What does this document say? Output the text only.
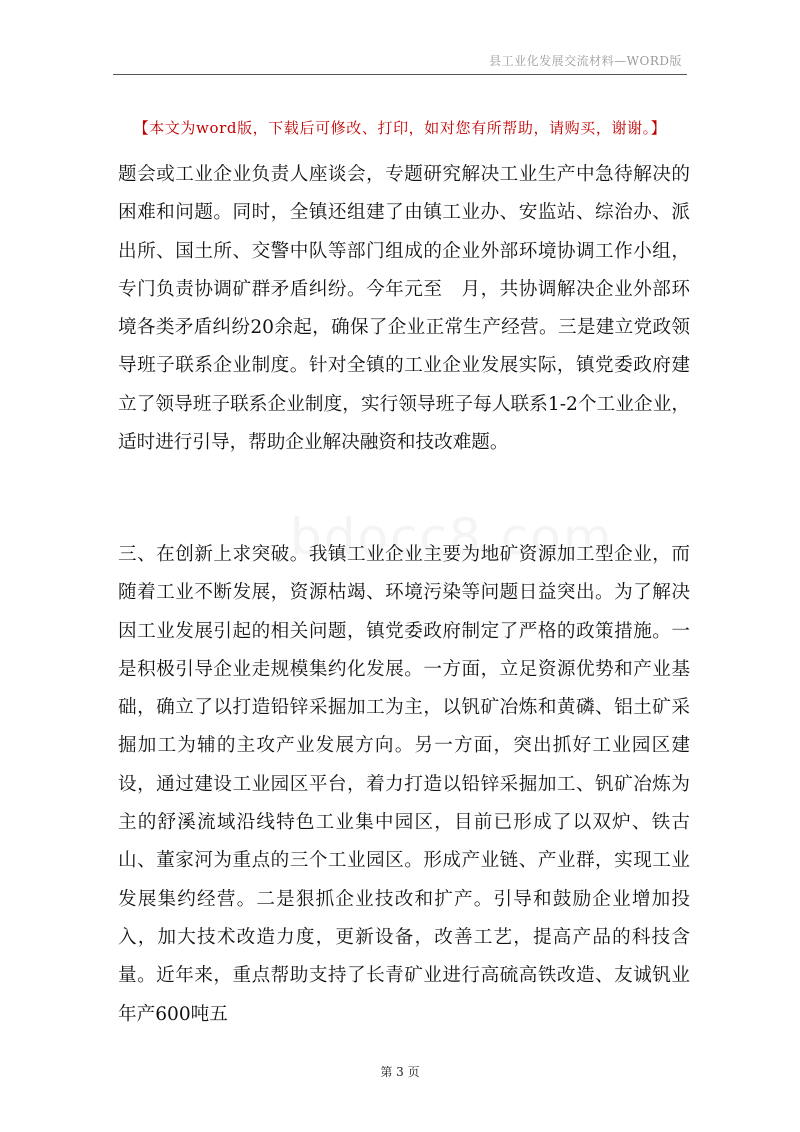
县工业化发展交流材料—WORD版
【本文为word版，下载后可修改、打印，如对您有所帮助，请购买，谢谢。】

题会或工业企业负责人座谈会，专题研究解决工业生产中急待解决的困难和问题。同时，全镇还组建了由镇工业办、安监站、综治办、派出所、国土所、交警中队等部门组成的企业外部环境协调工作小组，专门负责协调矿群矛盾纠纷。今年元至　月，共协调解决企业外部环境各类矛盾纠纷20余起，确保了企业正常生产经营。三是建立党政领导班子联系企业制度。针对全镇的工业企业发展实际，镇党委政府建立了领导班子联系企业制度，实行领导班子每人联系1-2个工业企业，适时进行引导，帮助企业解决融资和技改难题。

三、在创新上求突破。我镇工业企业主要为地矿资源加工型企业，而随着工业不断发展，资源枯竭、环境污染等问题日益突出。为了解决因工业发展引起的相关问题，镇党委政府制定了严格的政策措施。一是积极引导企业走规模集约化发展。一方面，立足资源优势和产业基础，确立了以打造铅锌采掘加工为主，以钒矿冶炼和黄磷、铝土矿采掘加工为辅的主攻产业发展方向。另一方面，突出抓好工业园区建设，通过建设工业园区平台，着力打造以铅锌采掘加工、钒矿冶炼为主的舒溪流域沿线特色工业集中园区，目前已形成了以双炉、铁古山、董家河为重点的三个工业园区。形成产业链、产业群，实现工业发展集约经营。二是狠抓企业技改和扩产。引导和鼓励企业增加投入，加大技术改造力度，更新设备，改善工艺，提高产品的科技含量。近年来，重点帮助支持了长青矿业进行高硫高铁改造、友诚钒业年产600吨五

第 3 页
